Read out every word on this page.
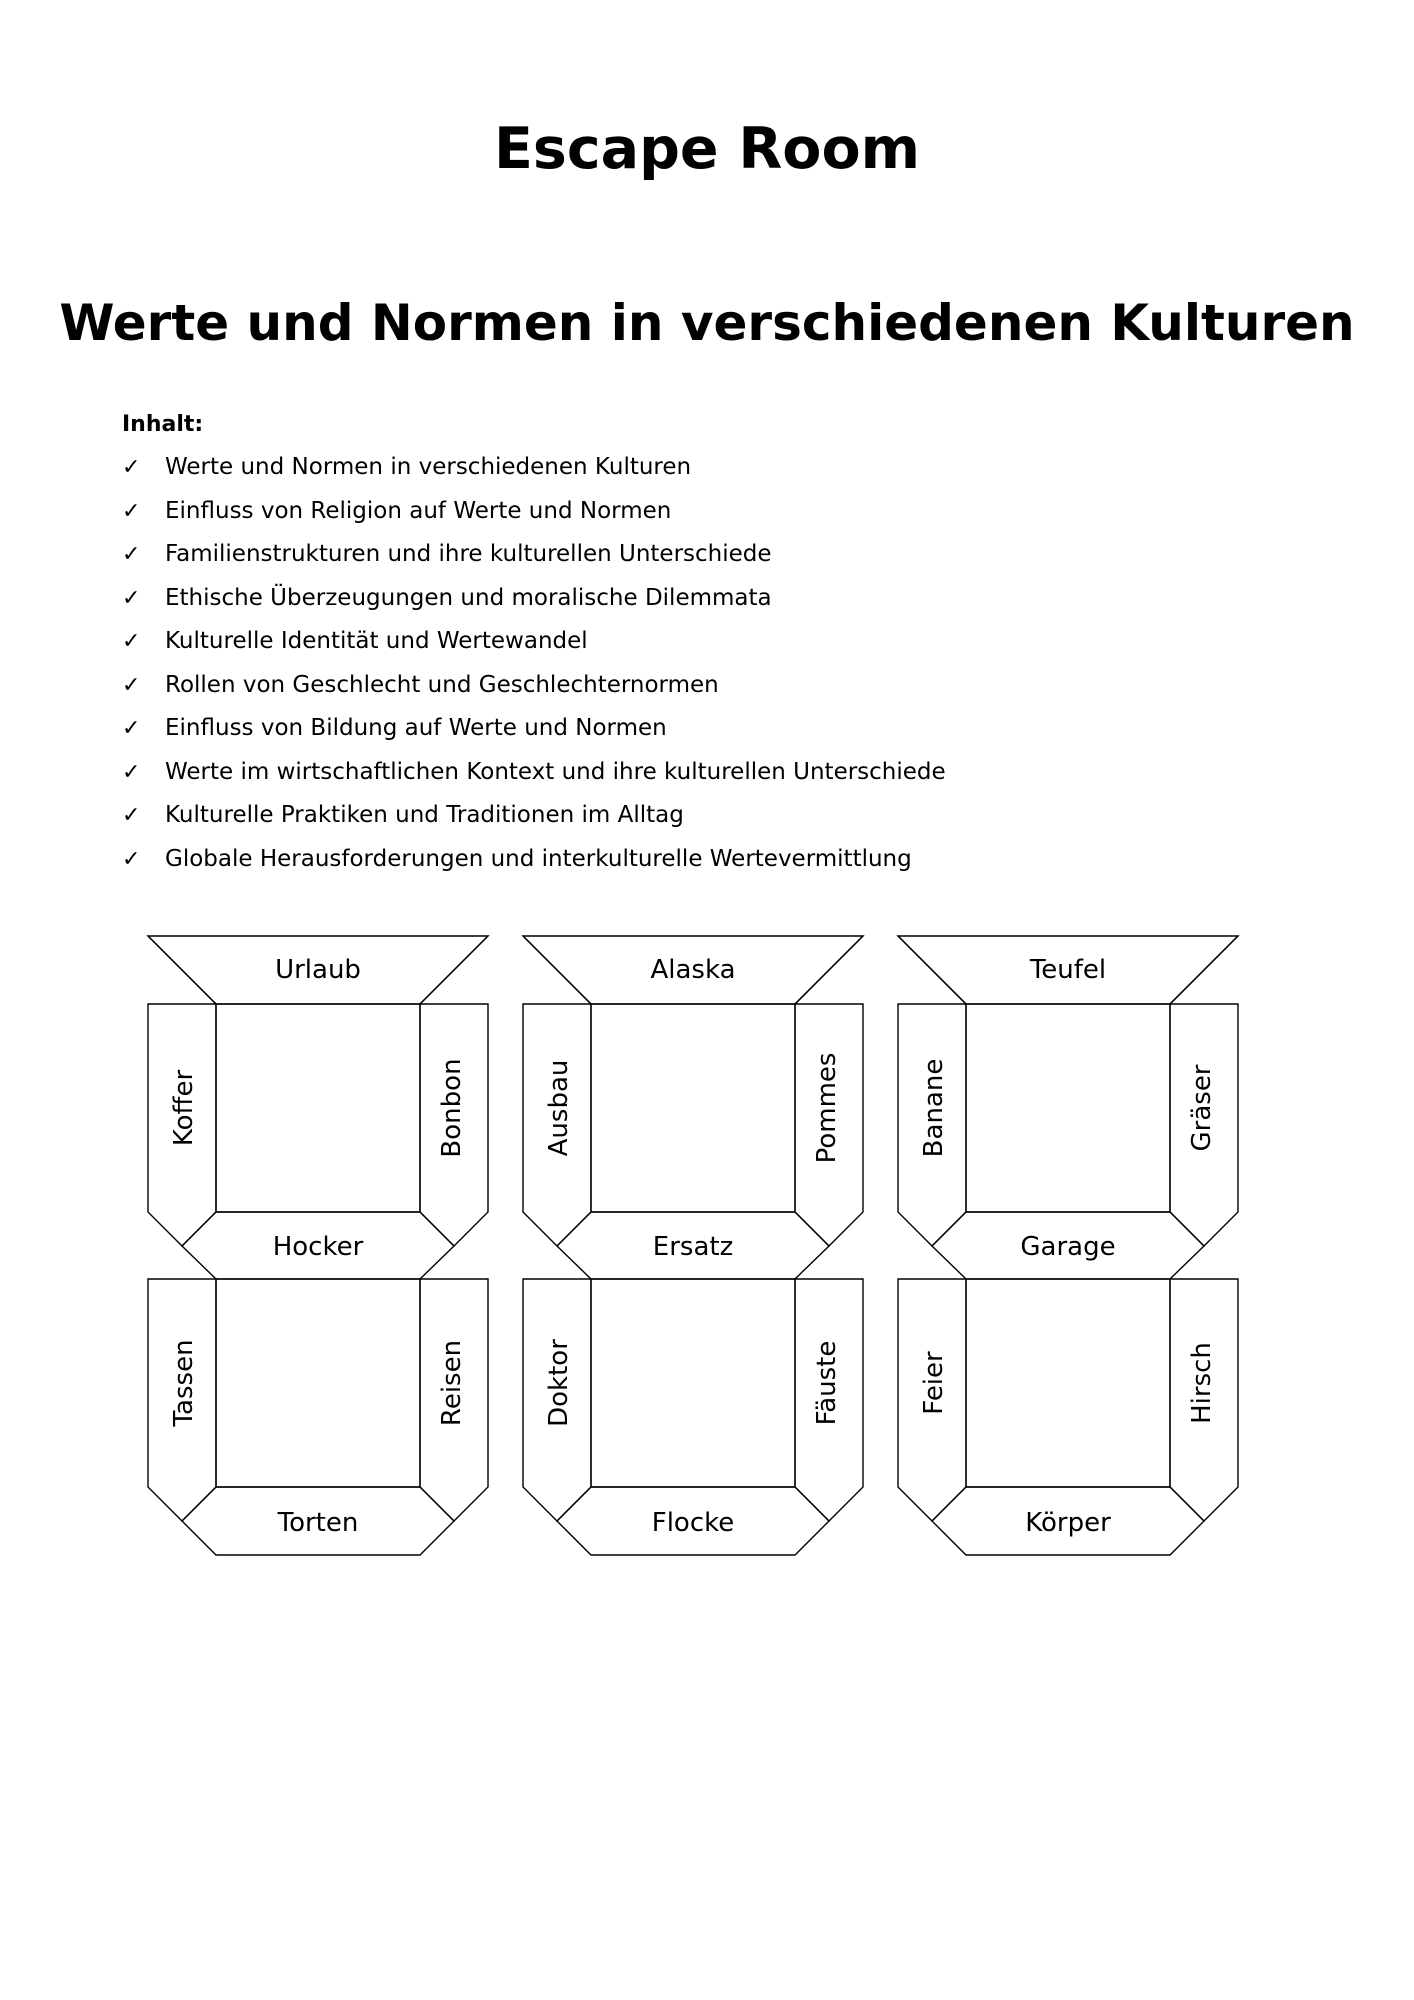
Escape Room
Werte und Normen in verschiedenen Kulturen
Inhalt:
✓	Werte und Normen in verschiedenen Kulturen
✓	Einfluss von Religion auf Werte und Normen
✓	Familienstrukturen und ihre kulturellen Unterschiede
✓	Ethische Überzeugungen und moralische Dilemmata
✓	Kulturelle Identität und Wertewandel
✓	Rollen von Geschlecht und Geschlechternormen
✓	Einfluss von Bildung auf Werte und Normen
✓	Werte im wirtschaftlichen Kontext und ihre kulturellen Unterschiede
✓	Kulturelle Praktiken und Traditionen im Alltag
✓	Globale Herausforderungen und interkulturelle Wertevermittlung
Urlaub
Koffer	Bonbon
Hocker
Tassen	Reisen
Torten
Alaska
Ausbau	Pommes
Ersatz
Doktor	Fäuste
Flocke
Teufel
Banane	Gräser
Garage
Feier	Hirsch
Körper
